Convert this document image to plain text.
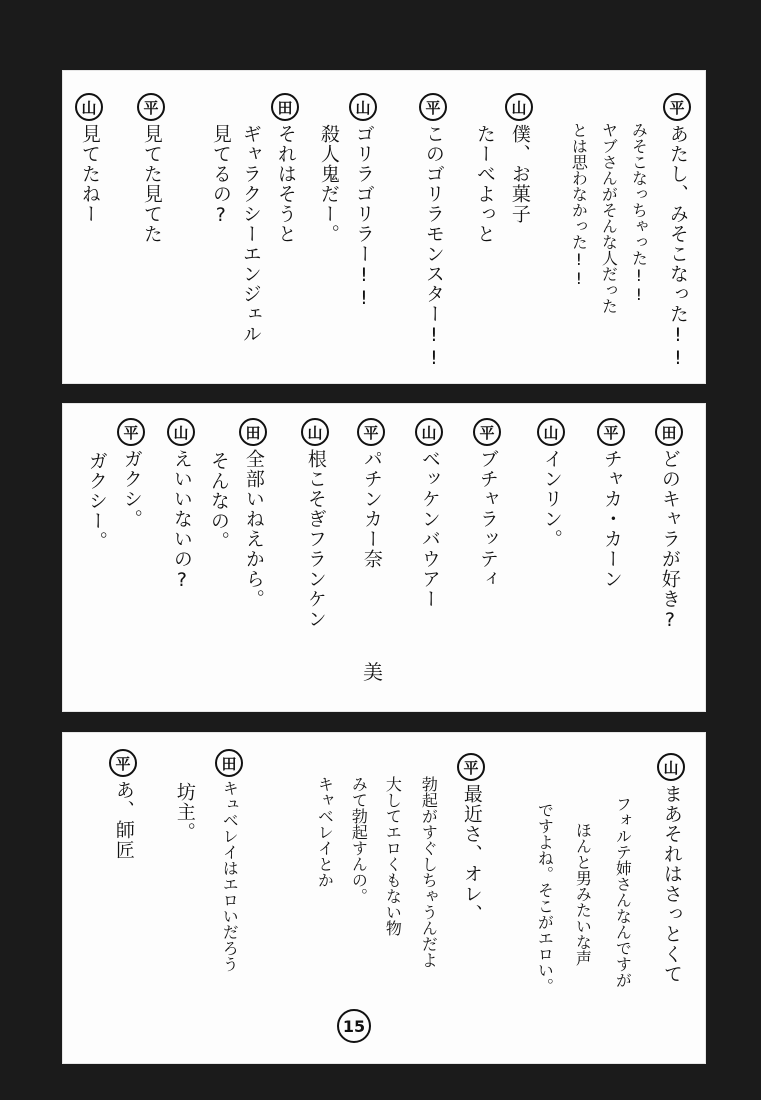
平
あたし、みそこなった!!
みそこなっちゃった!!
ヤブさんがそんな人だった
とは思わなかった!!
山
僕、お菓子
たーべよっと
平
このゴリラモンスター!!
山
ゴリラゴリラー!!
殺人鬼だー。
田
それはそうと
ギャラクシーエンジェル
見てるの?
平
見てた見てた
山
見てたねー
田
どのキャラが好き?
平
チャカ・カーン
山
インリン。
平
ブチャラッティ
山
ベッケンバウアー
平
パチンカー奈
山
根こそぎフランケン
田
全部いねえから。
そんなの。
山
えいいないの?
平
ガクシ。
ガクシー。
美
山
まあそれはさっとくて
フォルテ姉さんなんですが
ほんと男みたいな声
ですよね。そこがエロい。
平
最近さ、オレ、
勃起がすぐしちゃうんだよ
大してエロくもない物
みて勃起すんの。
キャベレイとか
田
キュベレイはエロいだろう
坊主。
平
あ、師匠
15
